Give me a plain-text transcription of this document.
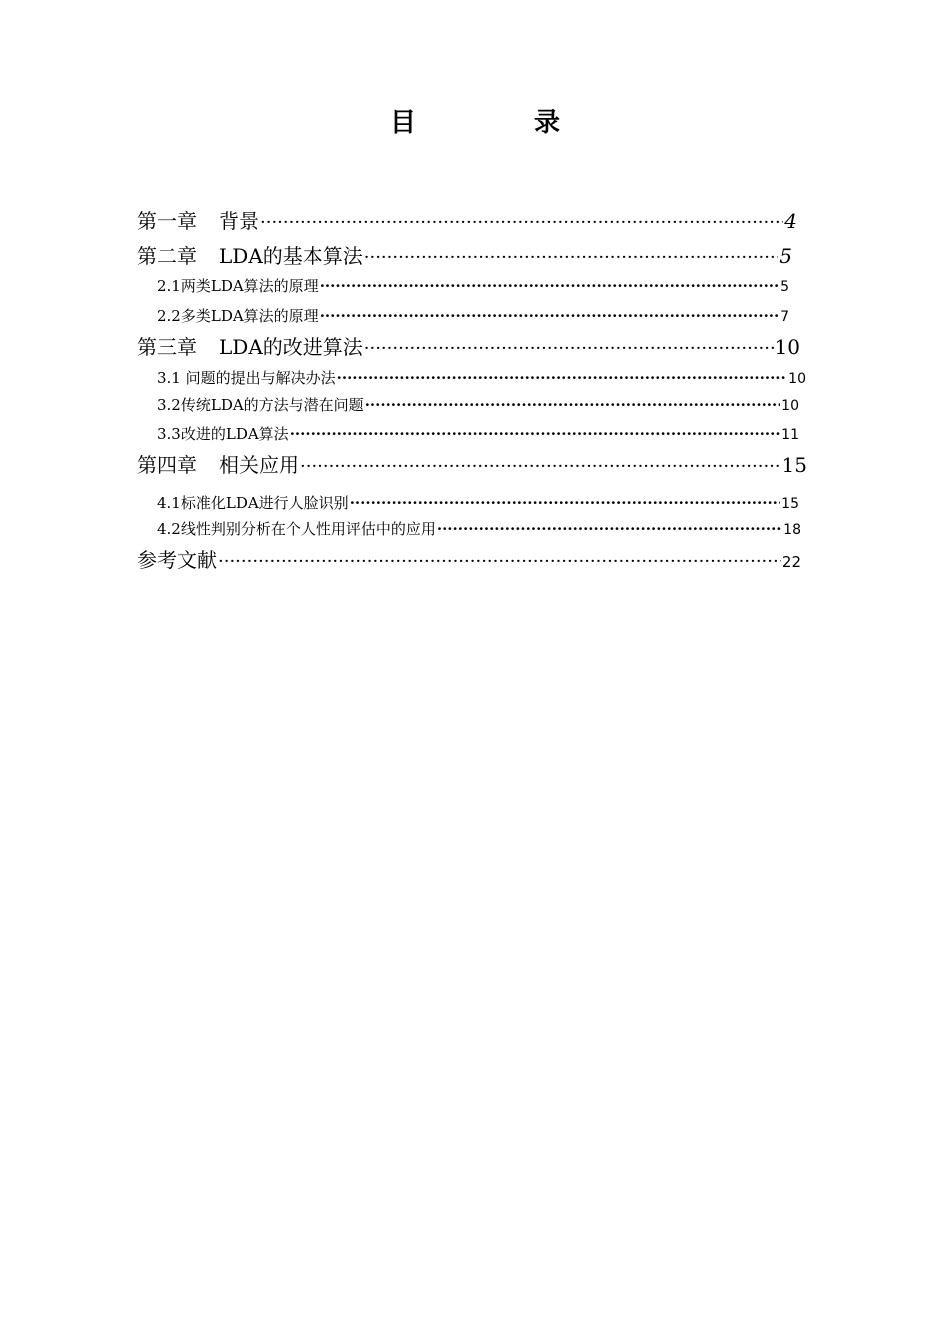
目　录
第一章 背景 ·····	4
第二章 LDA的基本算法 ·····	5
2.1两类LDA算法的原理 ·····	5
2.2多类LDA算法的原理 ·····	7
第三章 LDA的改进算法 ·····	10
3.1 问题的提出与解决办法 ·····	10
3.2传统LDA的方法与潜在问题 ·····	10
3.3改进的LDA算法 ·····	11
第四章 相关应用 ·····	15
4.1标准化LDA进行人脸识别 ·····	15
4.2线性判别分析在个人性用评估中的应用 ·····	18
参考文献 ·····	22
